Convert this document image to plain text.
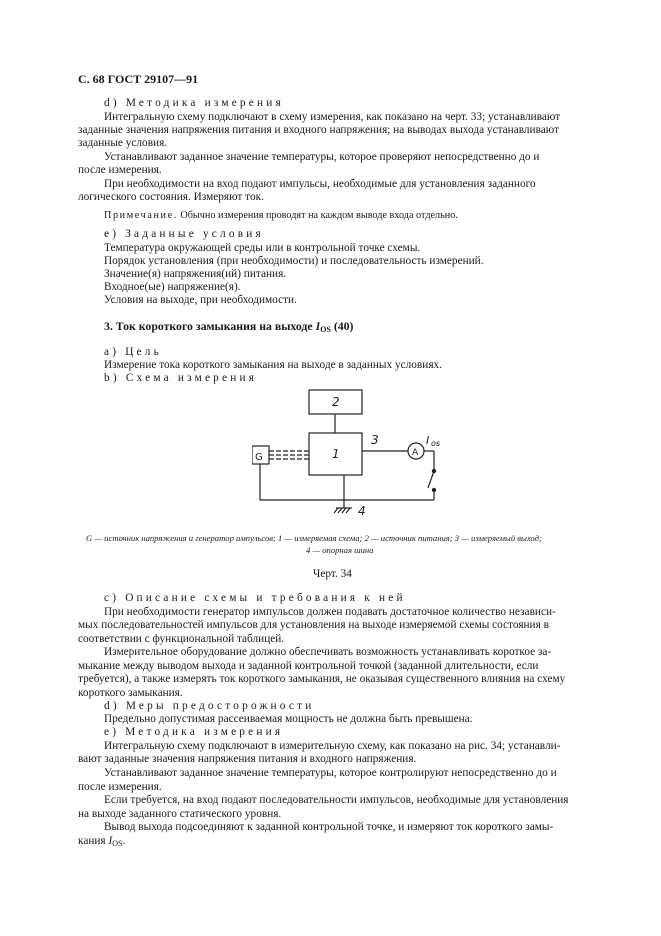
С. 68 ГОСТ 29107—91
d) Методика измерения
Интегральную схему подключают в схему измерения, как показано на черт. 33; устанавливают
заданные значения напряжения питания и входного напряжения; на выводах выхода устанавливают
заданные условия.
Устанавливают заданное значение температуры, которое проверяют непосредственно до и
после измерения.
При необходимости на вход подают импульсы, необходимые для установления заданного
логического состояния. Измеряют ток.
Примечание. Обычно измерения проводят на каждом выводе входа отдельно.
е) Заданные условия
Температура окружающей среды или в контрольной точке схемы.
Порядок установления (при необходимости) и последовательность измерений.
Значение(я) напряжения(ий) питания.
Входное(ые) напряжение(я).
Условия на выходе, при необходимости.
3. Ток короткого замыкания на выходе $I_{OS}$ (40)
а) Цель
Измерение тока короткого замыкания на выходе в заданных условиях.
b) Схема измерения
2
1
G
3
A
I os
4
G — источник напряжения и генератор импульсов; 1 — измеряемая схема; 2 — источник питания; 3 — измеряемый выход;
4 — опорная шина
Черт. 34
с) Описание схемы и требования к ней
При необходимости генератор импульсов должен подавать достаточное количество независи-
мых последовательностей импульсов для установления на выходе измеряемой схемы состояния в
соответствии с функциональной таблицей.
Измерительное оборудование должно обеспечивать возможность устанавливать короткое за-
мыкание между выводом выхода и заданной контрольной точкой (заданной длительности, если
требуется), а также измерять ток короткого замыкания, не оказывая существенного влияния на схему
короткого замыкания.
d) Меры предосторожности
Предельно допустимая рассеиваемая мощность не должна быть превышена.
е) Методика измерения
Интегральную схему подключают в измерительную схему, как показано на рис. 34; устанавли-
вают заданные значения напряжения питания и входного напряжения.
Устанавливают заданное значение температуры, которое контролируют непосредственно до и
после измерения.
Если требуется, на вход подают последовательности импульсов, необходимые для установления
на выходе заданного статического уровня.
Вывод выхода подсоединяют к заданной контрольной точке, и измеряют ток короткого замы-
кания $I_{OS}$.
